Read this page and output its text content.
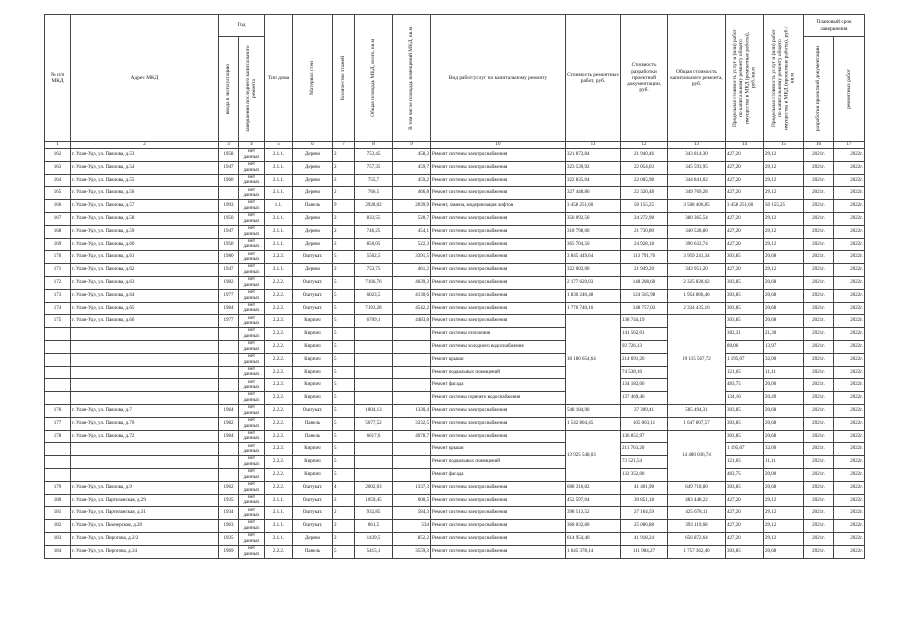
№ п/п МКД	Адрес МКД	Год		Тип дома	Материал стен	Количество этажей	Общая площадь МКД, всего, кв.м	В том числе площадь помещений МКД, кв.м	Вид работ/услуг по капитальному ремонту	Стоимость ремонтных работ, руб.	Стоимость разработки проектной документации, руб.	Общая стоимость капитального ремонта, руб.	Предельная стоимость услуг и (или) работ по капитальному ремонту общего имущества в МКД (ремонтные работы), руб./кв.м	Предельная стоимость услуг и (или) работ по капитальному ремонту общего имущества в МКД (проектные работы), руб./кв.м	Плановый срок завершения	

		ввода в эксплуатацию	завершения последнего капитального ремонта												разработки проектной документации	ремонтных работ

1	2	3	4	5	6	7	8	9	10	11	12	13	14	15	16	17
162	г. Улан-Удэ, ул. Павлова, д.53	1958	нет данных	2.1.1.	Дерево	2	753,45	458,3	Ремонт системы электроснабжения	321 873,84	21 940,46	343 814,30	427,20	29,12	2021г.	2022г.
163	г. Улан-Удэ, ул. Павлова, д.54	1947	нет данных	2.1.1.	Дерево	2	757,35	459,7	Ремонт системы электроснабжения	323 539,92	22 054,03	345 593,95	427,20	29,12	2021г.	2022г.
164	г. Улан-Удэ, ул. Павлова, д.55	1960	нет данных	2.1.1.	Дерево	2	755,7	459,2	Ремонт системы электроснабжения	322 835,04	22 005,98	344 841,02	427,20	29,12	2021г.	2022г.
165	г. Улан-Удэ, ул. Павлова, д.56		нет данных	2.1.1.	Дерево	2	766,5	466,8	Ремонт системы электроснабжения	327 448,80	22 320,48	349 769,28	427,20	29,12	2021г.	2022г.
166	г. Улан-Удэ, ул. Павлова, д.57	1993	нет данных	1.1.	Панель	9	2928,02	2039,9	Ремонт, замена, модернизация лифтов	3 458 251,60	50 155,25	3 508 406,85	3 458 251,60	50 155,25	2021г.	2022г.
167	г. Улан-Удэ, ул. Павлова, д.58	1950	нет данных	2.1.1.	Дерево	2	833,55	528,7	Ремонт системы электроснабжения	356 092,56	24 272,98	380 365,54	427,20	29,12	2021г.	2022г.
168	г. Улан-Удэ, ул. Павлова, д.59	1947	нет данных	2.1.1.	Дерево	2	746,25	454,1	Ремонт системы электроснабжения	318 798,00	21 730,80	340 528,80	427,20	29,12	2021г.	2022г.
169	г. Улан-Удэ, ул. Павлова, д.60	1950	нет данных	2.1.1.	Дерево	2	856,05	522,3	Ремонт системы электроснабжения	365 704,56	24 928,18	390 632,74	427,20	29,12	2021г.	2022г.
170	г. Улан-Удэ, ул. Павлова, д.61	1980	нет данных	2.2.2.	Оштукат.	5	5502,5	3391,5	Ремонт системы электроснабжения	3 845 449,64	113 791,70	3 959 241,34	303,85	20,68	2021г.	2022г.
171	г. Улан-Удэ, ул. Павлова, д.62	1947	нет данных	2.1.1.	Дерево	2	753,75	461,2	Ремонт системы электроснабжения	322 002,00	21 949,20	343 951,20	427,20	29,12	2021г.	2022г.
172	г. Улан-Удэ, ул. Павлова, д.63	1982	нет данных	2.2.2.	Оштукат.	5	7166,76	4639,3	Ремонт системы электроснабжения	2 177 620,03	148 208,60	2 325 828,62	303,85	20,68	2021г.	2022г.
173	г. Улан-Удэ, ул. Павлова, д.64	1977	нет данных	2.2.2.	Оштукат.	5	6023,5	4130,6	Ремонт системы электроснабжения	1 830 240,48	124 565,98	1 954 806,46	303,85	20,68	2021г.	2022г.
174	г. Улан-Удэ, ул. Павлова, д.65	1984	нет данных	2.2.2.	Оштукат.	5	7193,28	4542,2	Ремонт системы электроснабжения	1 776 740,16	148 757,03	2 334 435,16	303,85	20,68	2021г.	2022г.
175	г. Улан-Удэ, ул. Павлова, д.66	1977	нет данных	2.2.2.	Кирпич	5	6709,1	4483,8	Ремонт системы электроснабжения	18 180 654,64	138 744,19	19 115 567,72	303,85	20,68	2021г.	2022г.
			нет данных	2.2.2.	Кирпич	5			Ремонт системы отопления		141 562,01		382,31	21,30	2021г.	2022г.
			нет данных	2.2.2.	Кирпич	5			Ремонт системы холодного водоснабжения		93 726,13		89,06	13,97	2021г.	2022г.
			нет данных	2.2.2.	Кирпич	5			Ремонт крыши		214 691,20		1 195,07	32,00	2021г.	2022г.
			нет данных	2.2.2.	Кирпич	5			Ремонт подвальных помещений		74 538,10		121,65	11,11	2021г.	2022г.
			нет данных	2.2.2.	Кирпич	5			Ремонт фасада		134 182,00		483,75	20,00	2021г.	2022г.
			нет данных	2.2.2.	Кирпич	5			Ремонт системы горячего водоснабжения		137 469,46		134,16	20,49	2021г.	2022г.
176	г. Улан-Удэ, ул. Павлова, д.7	1964	нет данных	2.2.2.	Оштукат.	5	1804,13	1330,4	Ремонт системы электроснабжения	548 184,90	37 309,41	585 494,31	303,85	20,68	2021г.	2022г.
177	г. Улан-Удэ, ул. Павлова, д.70	1982	нет данных	2.2.2.	Панель	5	5077,52	3332,5	Ремонт системы электроснабжения	1 542 804,45	105 003,11	1 647 807,57	303,85	20,68	2021г.	2022г.
178	г. Улан-Удэ, ул. Павлова, д.72	1984	нет данных	2.2.2.	Панель	5	6617,6	4078,7	Ремонт системы электроснабжения	13 925 548,03	136 851,97	14 480 036,74	303,85	20,68	2021г.	2022г.
			нет данных	2.2.2.	Кирпич	5			Ремонт крыши		211 763,20		1 195,07	32,00	2021г.	2022г.
			нет данных	2.2.2.	Кирпич	5			Ремонт подвальных помещений		73 521,54		121,65	11,11	2021г.	2022г.
			нет данных	2.2.2.	Кирпич	5			Ремонт фасада		132 352,00		483,75	20,00	2021г.	2022г.
179	г. Улан-Удэ, ул. Павлова, д.9	1962	нет данных	2.2.2.	Оштукат.	4	2002,03	1337,3	Ремонт системы электроснабжения	608 316,82	41 401,98	649 718,80	303,85	20,68	2021г.	2022г.
180	г. Улан-Удэ, ул. Партизанская, д.29	1935	нет данных	2.1.1.	Оштукат.	2	1059,45	600,5	Ремонт системы электроснабжения	452 597,04	30 851,18	483 448,22	427,20	29,12	2021г.	2022г.
181	г. Улан-Удэ, ул. Партизанская, д.31	1934	нет данных	2.1.1.	Оштукат.	2	932,85	584,3	Ремонт системы электроснабжения	398 513,52	27 164,59	425 678,11	427,20	29,12	2021г.	2022г.
182	г. Улан-Удэ, ул. Пионерская, д.20	1963	нет данных	2.1.1.	Оштукат.	2	861,5	534	Ремонт системы электроснабжения	368 032,80	25 086,88	393 119,68	427,20	29,12	2021г.	2022г.
183	г. Улан-Удэ, ул. Пирогова, д.2/2	1935	нет данных	2.1.1.	Дерево	2	1439,5	852,2	Ремонт системы электроснабжения	614 954,40	41 918,24	656 872,64	427,20	29,12	2021г.	2022г.
184	г. Улан-Удэ, ул. Пирогова, д.34	1969	нет данных	2.2.2.	Панель	5	5415,1	3559,3	Ремонт системы электроснабжения	1 645 378,14	111 984,27	1 757 362,40	303,85	20,68	2021г.	2022г.
